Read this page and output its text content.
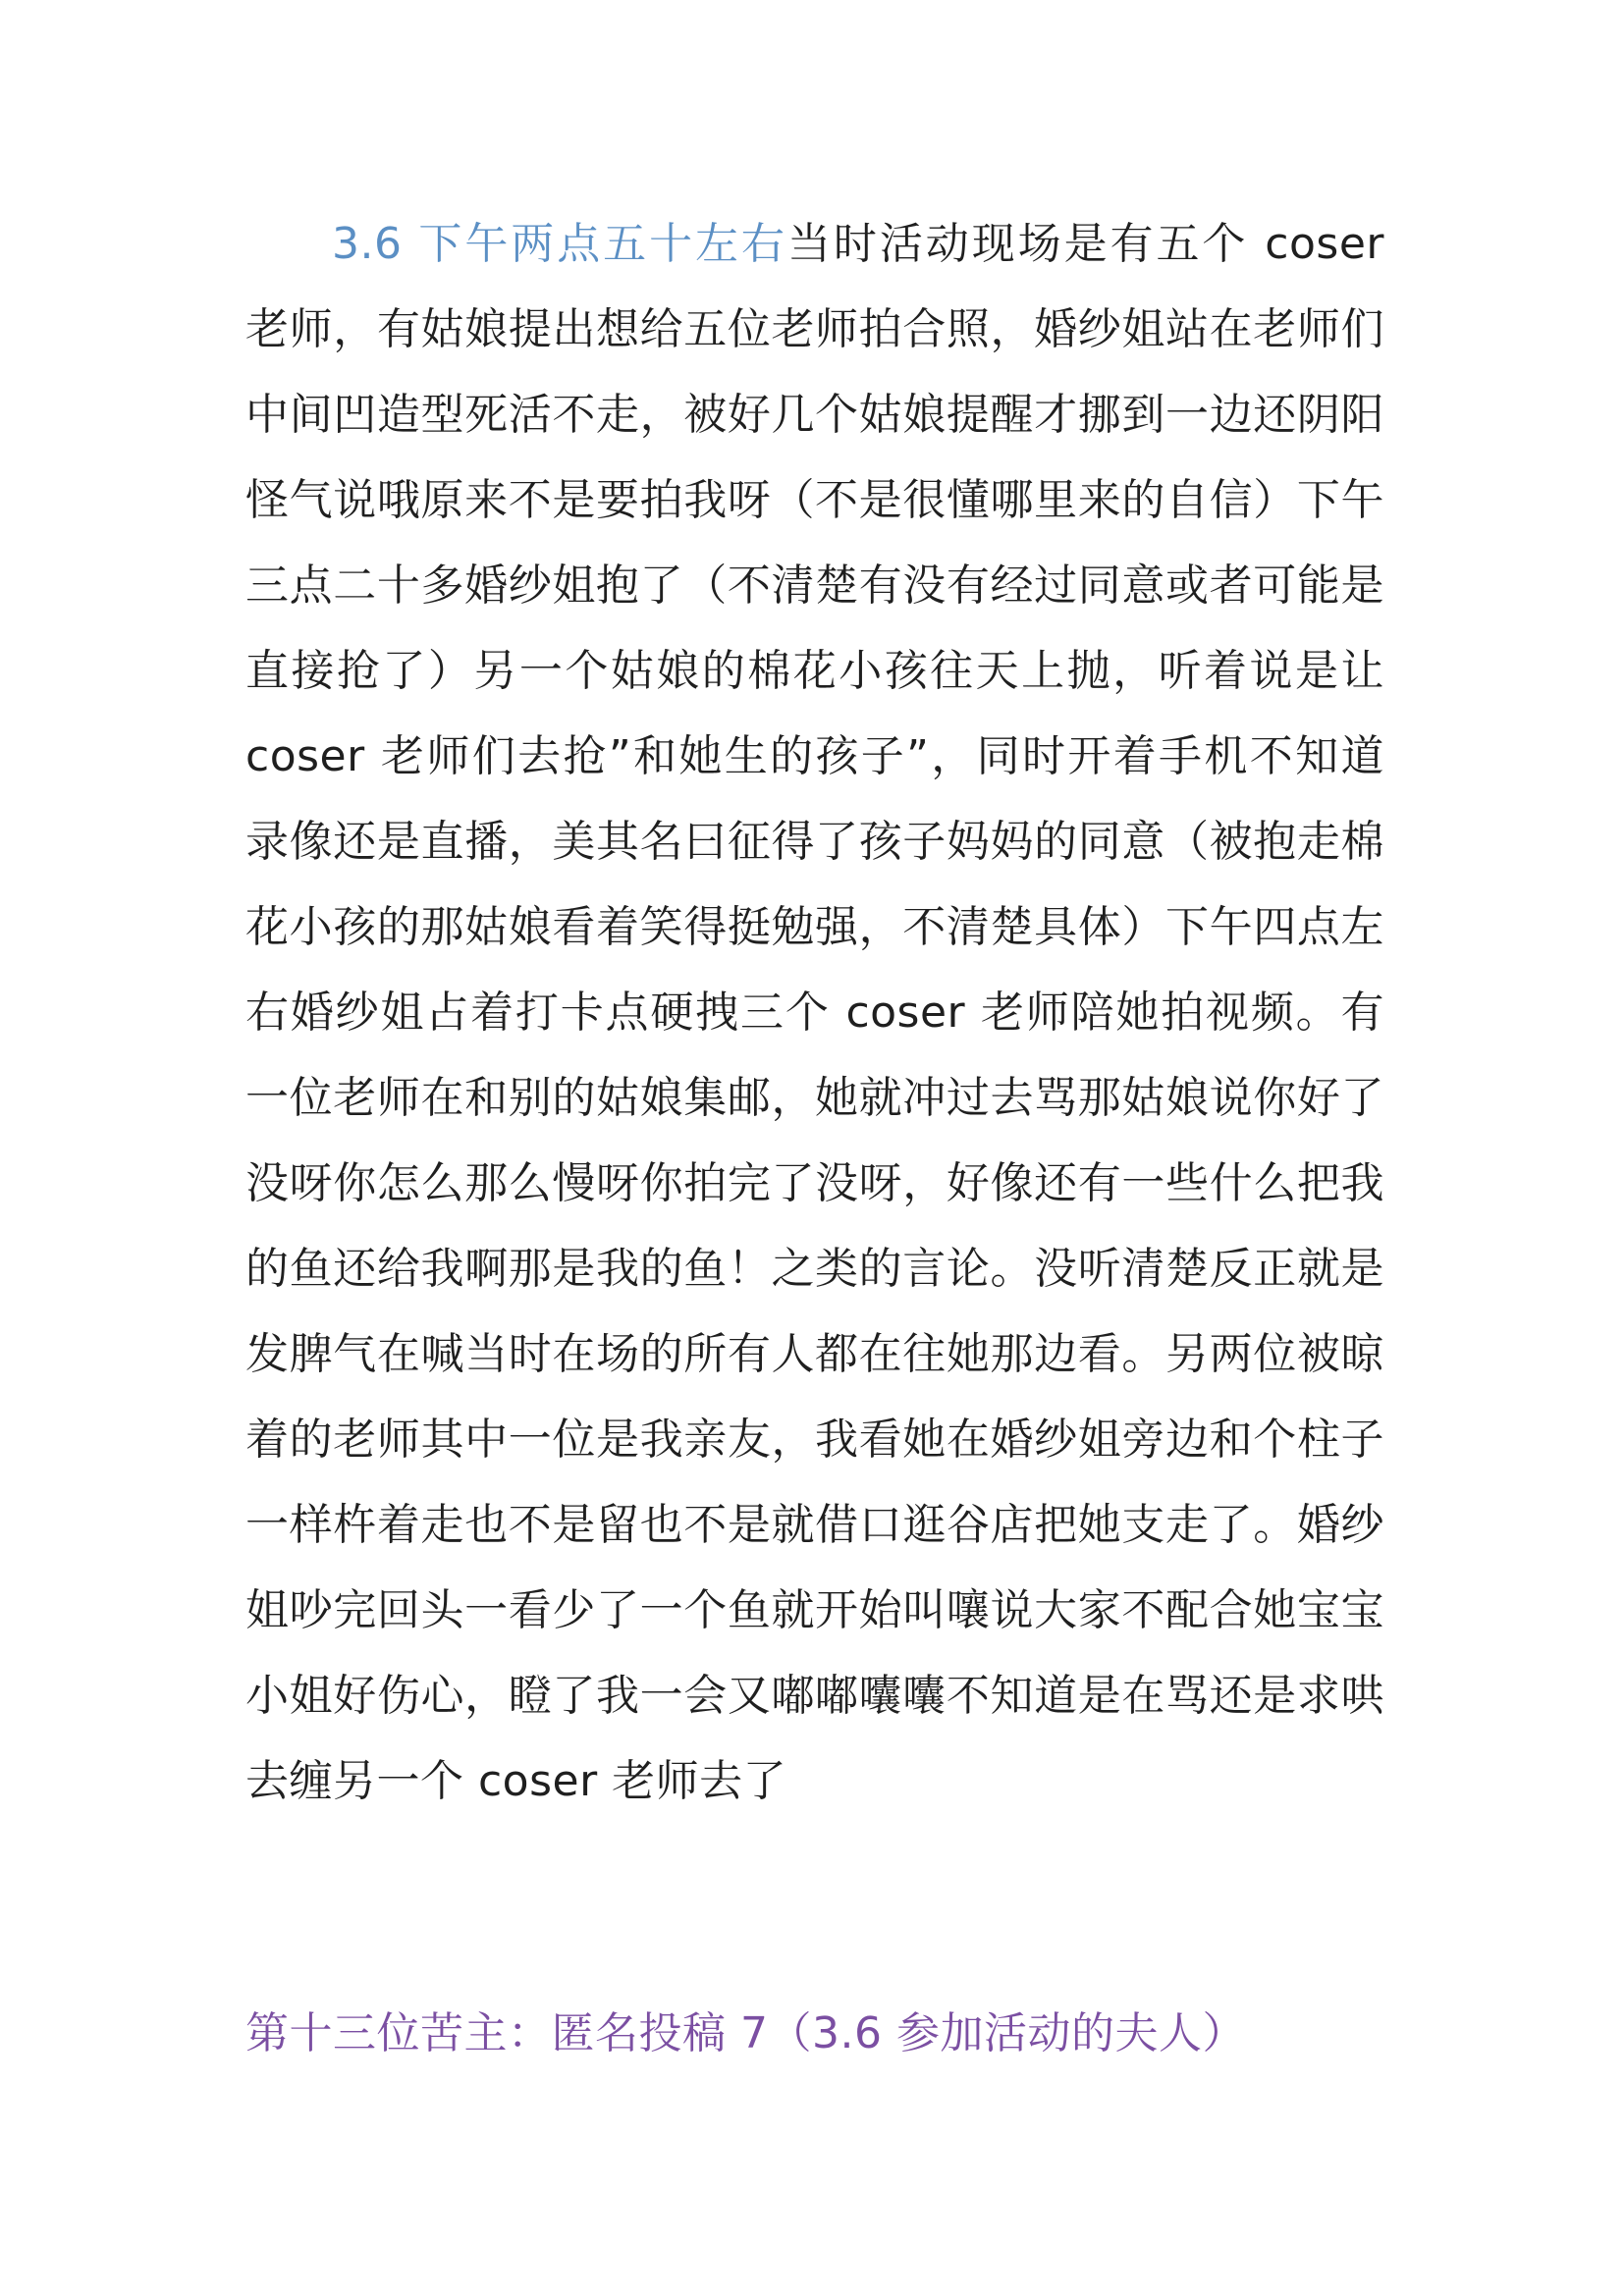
3.6 下午两点五十左右当时活动现场是有五个 coser 老师，有姑娘提出想给五位老师拍合照，婚纱姐站在老师们中间凹造型死活不走，被好几个姑娘提醒才挪到一边还阴阳怪气说哦原来不是要拍我呀（不是很懂哪里来的自信）下午三点二十多婚纱姐抱了（不清楚有没有经过同意或者可能是直接抢了）另一个姑娘的棉花小孩往天上抛，听着说是让 coser 老师们去抢”和她生的孩子”，同时开着手机不知道录像还是直播，美其名曰征得了孩子妈妈的同意（被抱走棉花小孩的那姑娘看着笑得挺勉强，不清楚具体）下午四点左右婚纱姐占着打卡点硬拽三个 coser 老师陪她拍视频。有一位老师在和别的姑娘集邮，她就冲过去骂那姑娘说你好了没呀你怎么那么慢呀你拍完了没呀，好像还有一些什么把我的鱼还给我啊那是我的鱼！之类的言论。没听清楚反正就是发脾气在喊当时在场的所有人都在往她那边看。另两位被晾着的老师其中一位是我亲友，我看她在婚纱姐旁边和个柱子一样杵着走也不是留也不是就借口逛谷店把她支走了。婚纱姐吵完回头一看少了一个鱼就开始叫嚷说大家不配合她宝宝小姐好伤心，瞪了我一会又嘟嘟囔囔不知道是在骂还是求哄去缠另一个 coser 老师去了

第十三位苦主：匿名投稿 7（3.6 参加活动的夫人）
